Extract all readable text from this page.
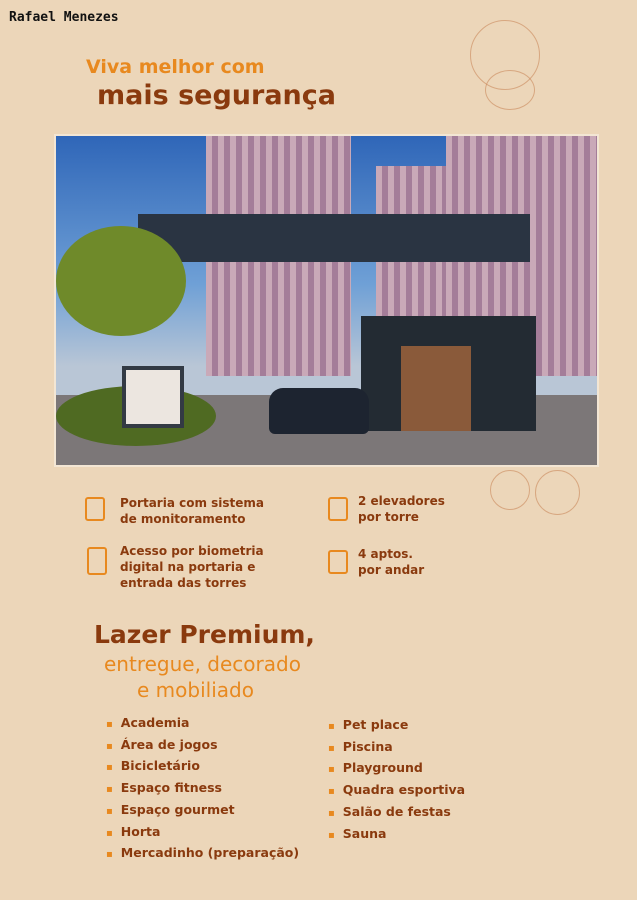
Rafael Menezes
Viva melhor com
mais segurança
Portaria com sistema
de monitoramento
2 elevadores
por torre
Acesso por biometria
digital na portaria e
entrada das torres
4 aptos.
por andar
Lazer Premium,
entregue, decorado
e mobiliado
▪ Academia
▪ Área de jogos
▪ Bicicletário
▪ Espaço fitness
▪ Espaço gourmet
▪ Horta
▪ Mercadinho (preparação)
▪ Pet place
▪ Piscina
▪ Playground
▪ Quadra esportiva
▪ Salão de festas
▪ Sauna
